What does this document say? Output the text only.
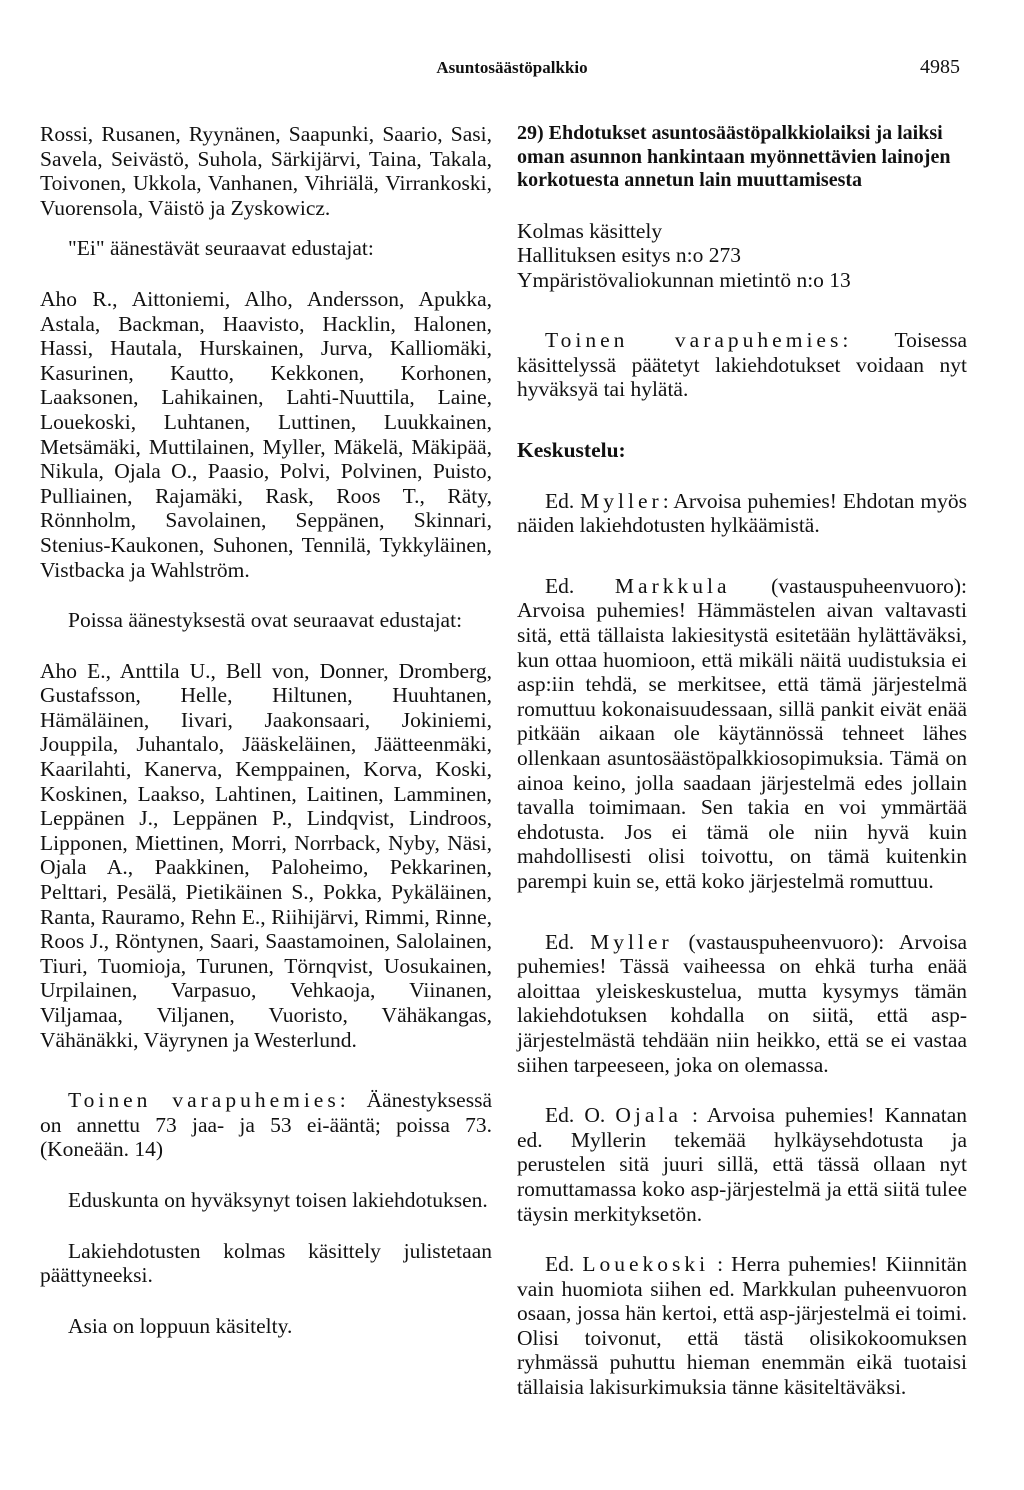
Asuntosäästöpalkkio	4985

Rossi, Rusanen, Ryynänen, Saapunki, Saario, Sasi, Savela, Seivästö, Suhola, Särkijärvi, Taina, Takala, Toivonen, Ukkola, Vanhanen, Vihriälä, Virrankoski, Vuorensola, Väistö ja Zyskowicz.

"Ei" äänestävät seuraavat edustajat:

Aho R., Aittoniemi, Alho, Andersson, Apukka, Astala, Backman, Haavisto, Hacklin, Halonen, Hassi, Hautala, Hurskainen, Jurva, Kalliomäki, Kasurinen, Kautto, Kekkonen, Korhonen, Laaksonen, Lahikainen, Lahti-Nuuttila, Laine, Louekoski, Luhtanen, Luttinen, Luukkainen, Metsämäki, Muttilainen, Myller, Mäkelä, Mäkipää, Nikula, Ojala O., Paasio, Polvi, Polvinen, Puisto, Pulliainen, Rajamäki, Rask, Roos T., Räty, Rönnholm, Savolainen, Seppänen, Skinnari, Stenius-Kaukonen, Suhonen, Tennilä, Tykkyläinen, Vistbacka ja Wahlström.

Poissa äänestyksestä ovat seuraavat edustajat:

Aho E., Anttila U., Bell von, Donner, Dromberg, Gustafsson, Helle, Hiltunen, Huuhtanen, Hämäläinen, Iivari, Jaakonsaari, Jokiniemi, Jouppila, Juhantalo, Jääskeläinen, Jäätteenmäki, Kaarilahti, Kanerva, Kemppainen, Korva, Koski, Koskinen, Laakso, Lahtinen, Laitinen, Lamminen, Leppänen J., Leppänen P., Lindqvist, Lindroos, Lipponen, Miettinen, Morri, Norrback, Nyby, Näsi, Ojala A., Paakkinen, Paloheimo, Pekkarinen, Pelttari, Pesälä, Pietikäinen S., Pokka, Pykäläinen, Ranta, Rauramo, Rehn E., Riihijärvi, Rimmi, Rinne, Roos J., Röntynen, Saari, Saastamoinen, Salolainen, Tiuri, Tuomioja, Turunen, Törnqvist, Uosukainen, Urpilainen, Varpasuo, Vehkaoja, Viinanen, Viljamaa, Viljanen, Vuoristo, Vähäkangas, Vähänäkki, Väyrynen ja Westerlund.

Toinen varapuhemies: Äänestyksessä on annettu 73 jaa- ja 53 ei-ääntä; poissa 73. (Koneään. 14)

Eduskunta on hyväksynyt toisen lakiehdotuksen.

Lakiehdotusten kolmas käsittely julistetaan päättyneeksi.

Asia on loppuun käsitelty.

29) Ehdotukset asuntosäästöpalkkiolaiksi ja laiksi oman asunnon hankintaan myönnettävien lainojen korkotuesta annetun lain muuttamisesta

Kolmas käsittely

Hallituksen esitys n:o 273

Ympäristövaliokunnan mietintö n:o 13

Toinen varapuhemies: Toisessa käsittelyssä päätetyt lakiehdotukset voidaan nyt hyväksyä tai hylätä.

Keskustelu:

Ed. Myller: Arvoisa puhemies! Ehdotan myös näiden lakiehdotusten hylkäämistä.

Ed. Markkula (vastauspuheenvuoro): Arvoisa puhemies! Hämmästelen aivan valtavasti sitä, että tällaista lakiesitystä esitetään hylättäväksi, kun ottaa huomioon, että mikäli näitä uudistuksia ei asp:iin tehdä, se merkitsee, että tämä järjestelmä romuttuu kokonaisuudessaan, sillä pankit eivät enää pitkään aikaan ole käytännössä tehneet lähes ollenkaan asuntosäästöpalkkiosopimuksia. Tämä on ainoa keino, jolla saadaan järjestelmä edes jollain tavalla toimimaan. Sen takia en voi ymmärtää ehdotusta. Jos ei tämä ole niin hyvä kuin mahdollisesti olisi toivottu, on tämä kuitenkin parempi kuin se, että koko järjestelmä romuttuu.

Ed. Myller (vastauspuheenvuoro): Arvoisa puhemies! Tässä vaiheessa on ehkä turha enää aloittaa yleiskeskustelua, mutta kysymys tämän lakiehdotuksen kohdalla on siitä, että asp-järjestelmästä tehdään niin heikko, että se ei vastaa siihen tarpeeseen, joka on olemassa.

Ed. O. Ojala : Arvoisa puhemies! Kannatan ed. Myllerin tekemää hylkäysehdotusta ja perustelen sitä juuri sillä, että tässä ollaan nyt romuttamassa koko asp-järjestelmä ja että siitä tulee täysin merkityksetön.

Ed. Louekoski : Herra puhemies! Kiinnitän vain huomiota siihen ed. Markkulan puheenvuoron osaan, jossa hän kertoi, että asp-järjestelmä ei toimi. Olisi toivonut, että tästä olisikokoomuksen ryhmässä puhuttu hieman enemmän eikä tuotaisi tällaisia lakisurkimuksia tänne käsiteltäväksi.
